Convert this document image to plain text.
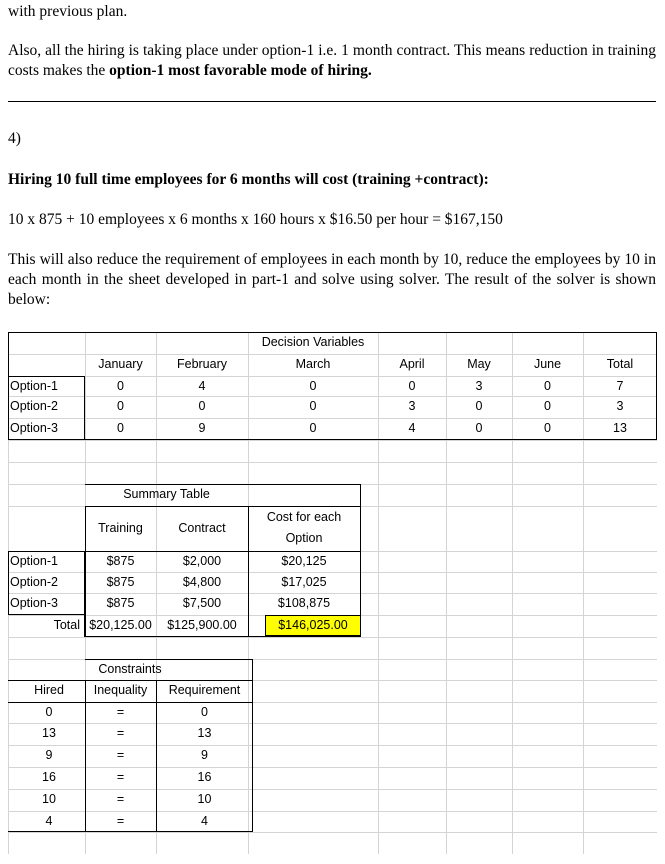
with previous plan.
Also, all the hiring is taking place under option-1 i.e. 1 month contract. This means reduction in training costs makes the option-1 most favorable mode of hiring.
4)
Hiring 10 full time employees for 6 months will cost (training +contract):
10 x 875 + 10 employees x 6 months x 160 hours x $16.50 per hour = $167,150
This will also reduce the requirement of employees in each month by 10, reduce the employees by 10 in each month in the sheet developed in part-1 and solve using solver. The result of the solver is shown below:
Decision Variables
January	February	March	April	May	June	Total
Option-1	0	4	0	0	3	0	7
Option-2	0	0	0	3	0	0	3
Option-3	0	9	0	4	0	0	13
Summary Table
Training	Contract
Cost for each
Option
Option-1	$875	$2,000	$20,125
Option-2	$875	$4,800	$17,025
Option-3	$875	$7,500	$108,875
Total $20,125.00	$125,900.00	$146,025.00
Constraints
Hired	Inequality	Requirement
0	=	0
13	=	13
9	=	9
16	=	16
10	=	10
4	=	4
